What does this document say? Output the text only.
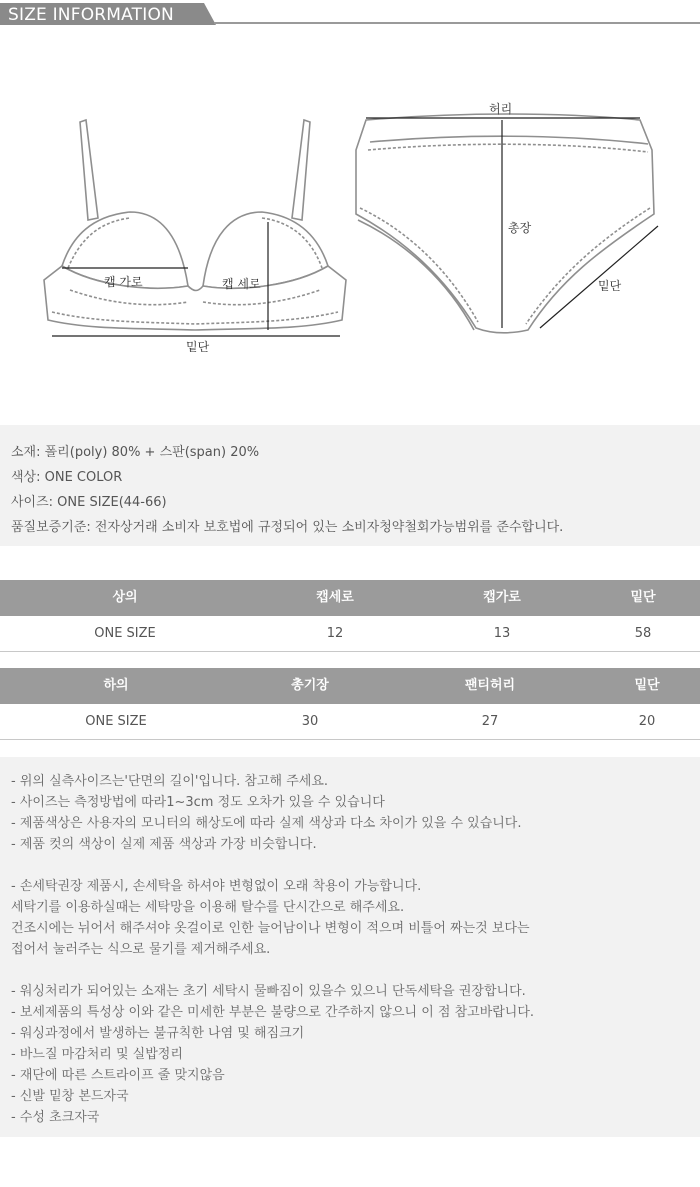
SIZE INFORMATION
캡 가로	캡 세로
밑단
허리
총장
밑단
소재: 폴리(poly) 80% + 스판(span) 20%
색상: ONE COLOR
사이즈: ONE SIZE(44-66)
품질보증기준: 전자상거래 소비자 보호법에 규정되어 있는 소비자청약철회가능범위를 준수합니다.
상의	캡세로	캡가로	밑단
ONE SIZE	12	13	58
하의	총기장	팬티허리	밑단
ONE SIZE	30	27	20
- 위의 실측사이즈는'단면의 길이'입니다. 참고해 주세요.
- 사이즈는 측정방법에 따라1~3cm 정도 오차가 있을 수 있습니다
- 제품색상은 사용자의 모니터의 해상도에 따라 실제 색상과 다소 차이가 있을 수 있습니다.
- 제품 컷의 색상이 실제 제품 색상과 가장 비슷합니다.
- 손세탁권장 제품시, 손세탁을 하셔야 변형없이 오래 착용이 가능합니다.
세탁기를 이용하실때는 세탁망을 이용해 탈수를 단시간으로 해주세요.
건조시에는 뉘어서 해주셔야 옷걸이로 인한 늘어남이나 변형이 적으며 비틀어 짜는것 보다는
접어서 눌러주는 식으로 물기를 제거해주세요.
- 워싱처리가 되어있는 소재는 초기 세탁시 물빠짐이 있을수 있으니 단독세탁을 권장합니다.
- 보세제품의 특성상 이와 같은 미세한 부분은 불량으로 간주하지 않으니 이 점 참고바랍니다.
- 워싱과정에서 발생하는 불규칙한 나염 및 해짐크기
- 바느질 마감처리 및 실밥정리
- 재단에 따른 스트라이프 줄 맞지않음
- 신발 밑창 본드자국
- 수성 초크자국
